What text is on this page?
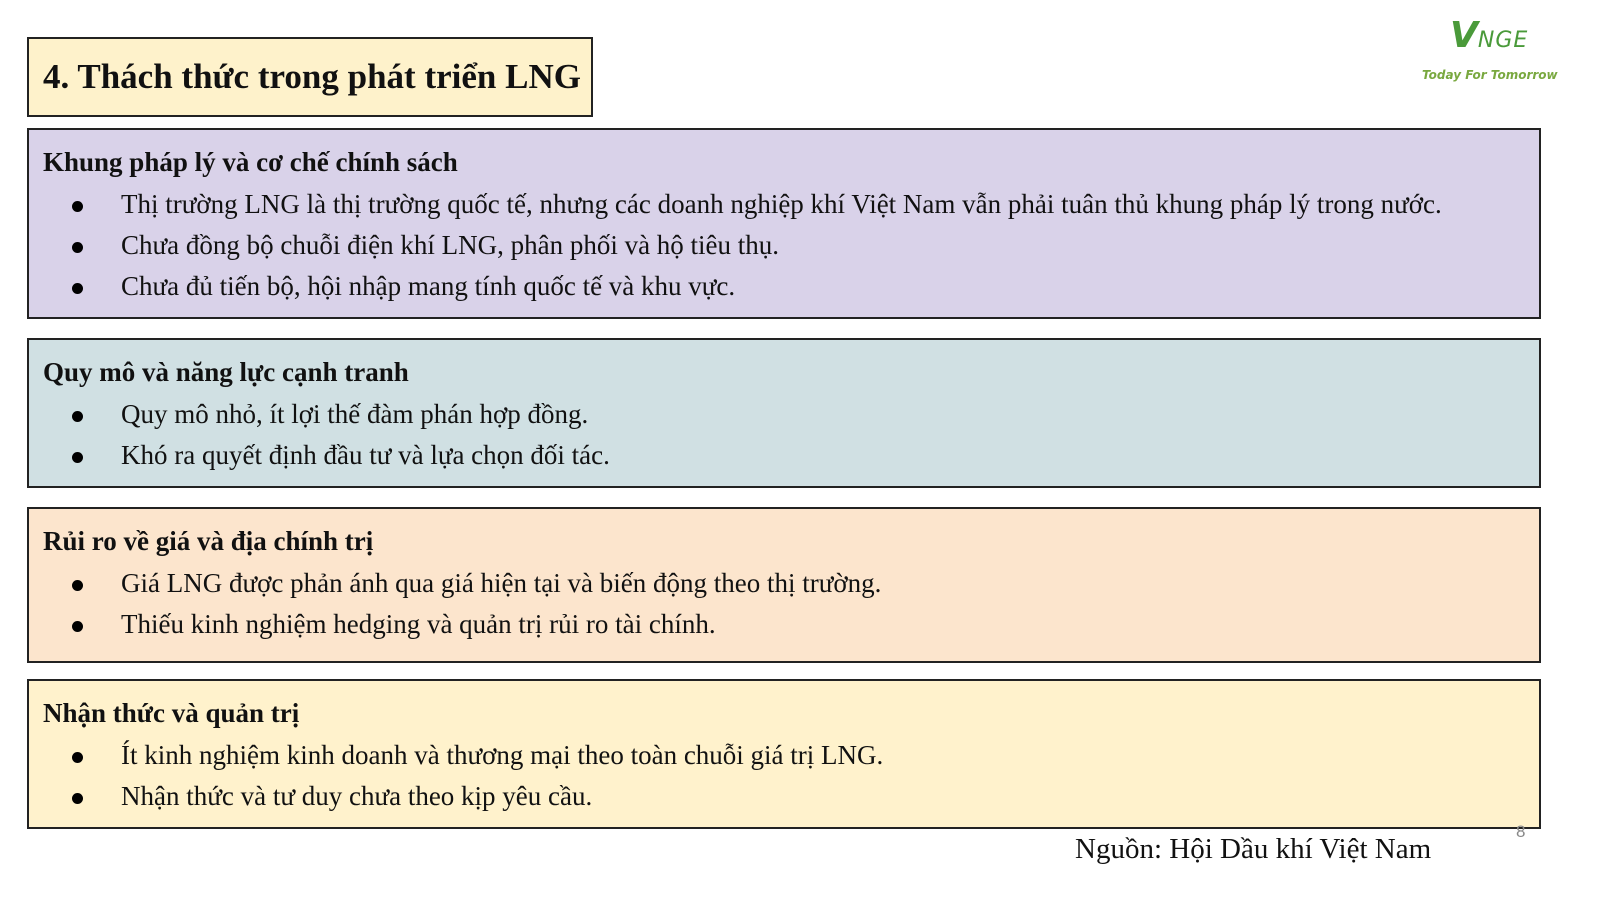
4. Thách thức trong phát triển LNG
VNGE
Today For Tomorrow
Khung pháp lý và cơ chế chính sách
Thị trường LNG là thị trường quốc tế, nhưng các doanh nghiệp khí Việt Nam vẫn phải tuân thủ khung pháp lý trong nước.
Chưa đồng bộ chuỗi điện khí LNG, phân phối và hộ tiêu thụ.
Chưa đủ tiến bộ, hội nhập mang tính quốc tế và khu vực.
Quy mô và năng lực cạnh tranh
Quy mô nhỏ, ít lợi thế đàm phán hợp đồng.
Khó ra quyết định đầu tư và lựa chọn đối tác.
Rủi ro về giá và địa chính trị
Giá LNG được phản ánh qua giá hiện tại và biến động theo thị trường.
Thiếu kinh nghiệm hedging và quản trị rủi ro tài chính.
Nhận thức và quản trị
Ít kinh nghiệm kinh doanh và thương mại theo toàn chuỗi giá trị LNG.
Nhận thức và tư duy chưa theo kịp yêu cầu.
8
Nguồn: Hội Dầu khí Việt Nam
